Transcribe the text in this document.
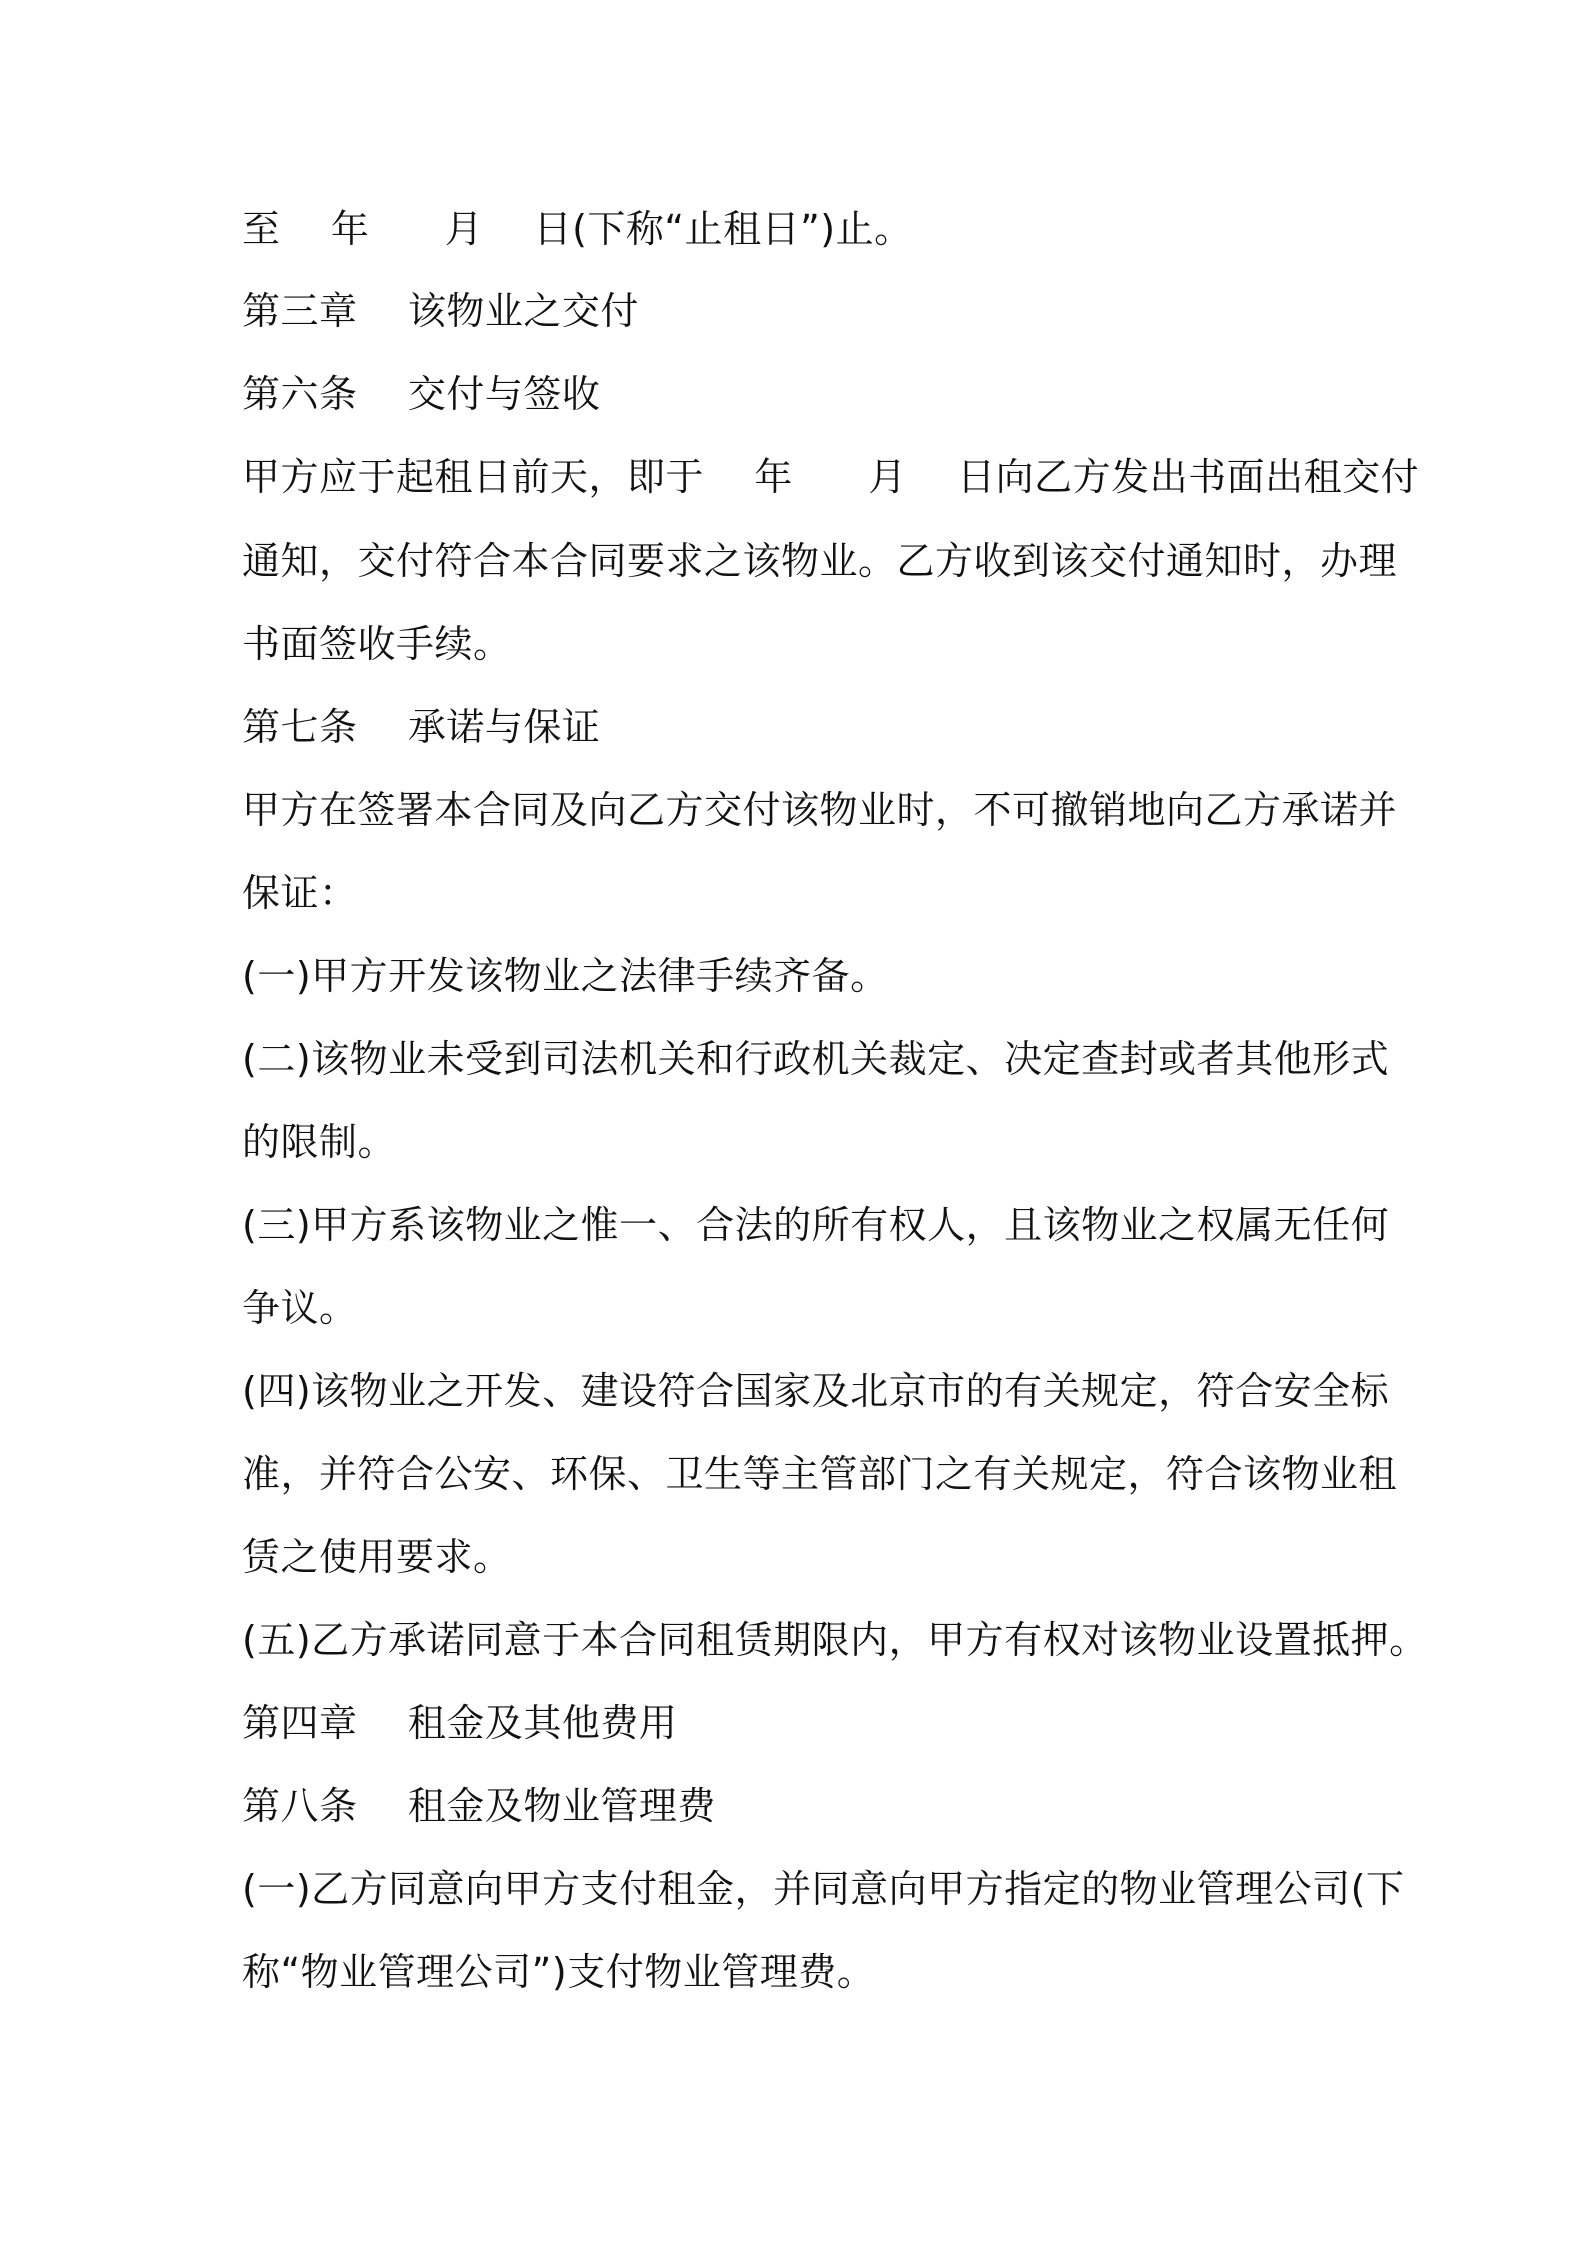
至    年      月    日(下称“止租日”)止。
第三章    该物业之交付
第六条    交付与签收
甲方应于起租日前天，即于    年      月    日向乙方发出书面出租交付
通知，交付符合本合同要求之该物业。乙方收到该交付通知时，办理
书面签收手续。
第七条    承诺与保证
甲方在签署本合同及向乙方交付该物业时，不可撤销地向乙方承诺并
保证：
(一)甲方开发该物业之法律手续齐备。
(二)该物业未受到司法机关和行政机关裁定、决定查封或者其他形式
的限制。
(三)甲方系该物业之惟一、合法的所有权人，且该物业之权属无任何
争议。
(四)该物业之开发、建设符合国家及北京市的有关规定，符合安全标
准，并符合公安、环保、卫生等主管部门之有关规定，符合该物业租
赁之使用要求。
(五)乙方承诺同意于本合同租赁期限内，甲方有权对该物业设置抵押。
第四章    租金及其他费用
第八条    租金及物业管理费
(一)乙方同意向甲方支付租金，并同意向甲方指定的物业管理公司(下
称“物业管理公司”)支付物业管理费。
